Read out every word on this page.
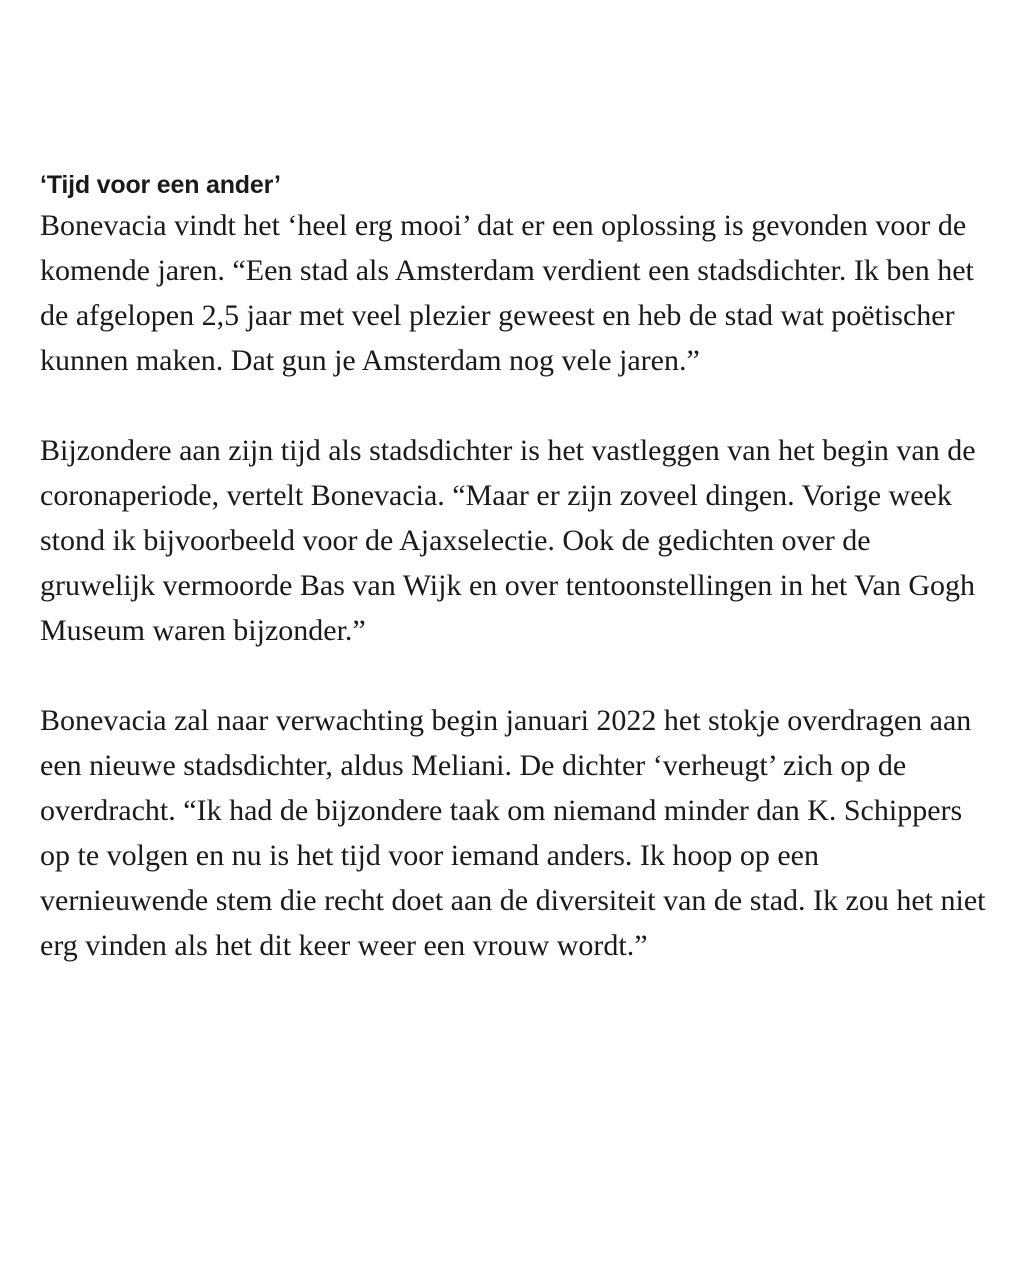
‘Tijd voor een ander’

Bonevacia vindt het ‘heel erg mooi’ dat er een oplossing is gevonden voor de komende jaren. “Een stad als Amsterdam verdient een stadsdichter. Ik ben het de afgelopen 2,5 jaar met veel plezier geweest en heb de stad wat poëtischer kunnen maken. Dat gun je Amsterdam nog vele jaren.”

Bijzondere aan zijn tijd als stadsdichter is het vastleggen van het begin van de coronaperiode, vertelt Bonevacia. “Maar er zijn zoveel dingen. Vorige week stond ik bijvoorbeeld voor de Ajaxselectie. Ook de gedichten over de gruwelijk vermoorde Bas van Wijk en over tentoonstellingen in het Van Gogh Museum waren bijzonder.”

Bonevacia zal naar verwachting begin januari 2022 het stokje overdragen aan een nieuwe stadsdichter, aldus Meliani. De dichter ‘verheugt’ zich op de overdracht. “Ik had de bijzondere taak om niemand minder dan K. Schippers op te volgen en nu is het tijd voor iemand anders. Ik hoop op een vernieuwende stem die recht doet aan de diversiteit van de stad. Ik zou het niet erg vinden als het dit keer weer een vrouw wordt.”
